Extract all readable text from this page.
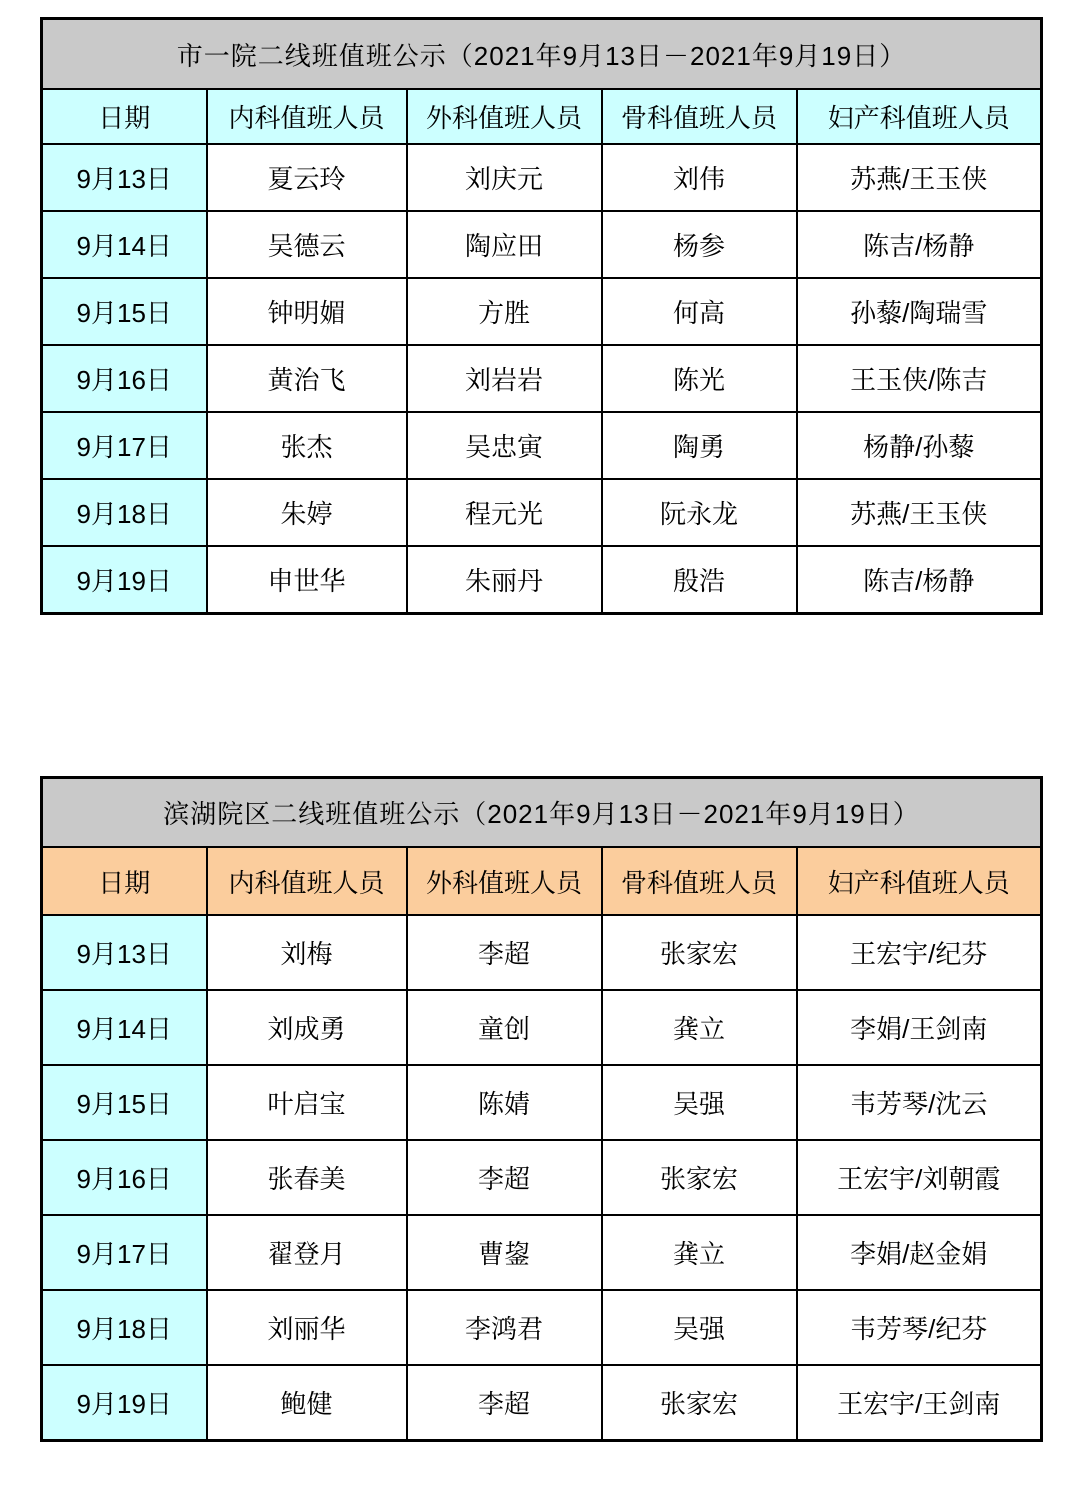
市一院二线班值班公示（2021年9月13日－2021年9月19日）				
日期	内科值班人员	外科值班人员	骨科值班人员	妇产科值班人员
9月13日	夏云玲	刘庆元	刘伟	苏燕/王玉侠
9月14日	吴德云	陶应田	杨参	陈吉/杨静
9月15日	钟明媚	方胜	何高	孙藜/陶瑞雪
9月16日	黄治飞	刘岩岩	陈光	王玉侠/陈吉
9月17日	张杰	吴忠寅	陶勇	杨静/孙藜
9月18日	朱婷	程元光	阮永龙	苏燕/王玉侠
9月19日	申世华	朱丽丹	殷浩	陈吉/杨静
滨湖院区二线班值班公示（2021年9月13日－2021年9月19日）				
日期	内科值班人员	外科值班人员	骨科值班人员	妇产科值班人员
9月13日	刘梅	李超	张家宏	王宏宇/纪芬
9月14日	刘成勇	童创	龚立	李娟/王剑南
9月15日	叶启宝	陈婧	吴强	韦芳琴/沈云
9月16日	张春美	李超	张家宏	王宏宇/刘朝霞
9月17日	翟登月	曹鋆	龚立	李娟/赵金娟
9月18日	刘丽华	李鸿君	吴强	韦芳琴/纪芬
9月19日	鲍健	李超	张家宏	王宏宇/王剑南
